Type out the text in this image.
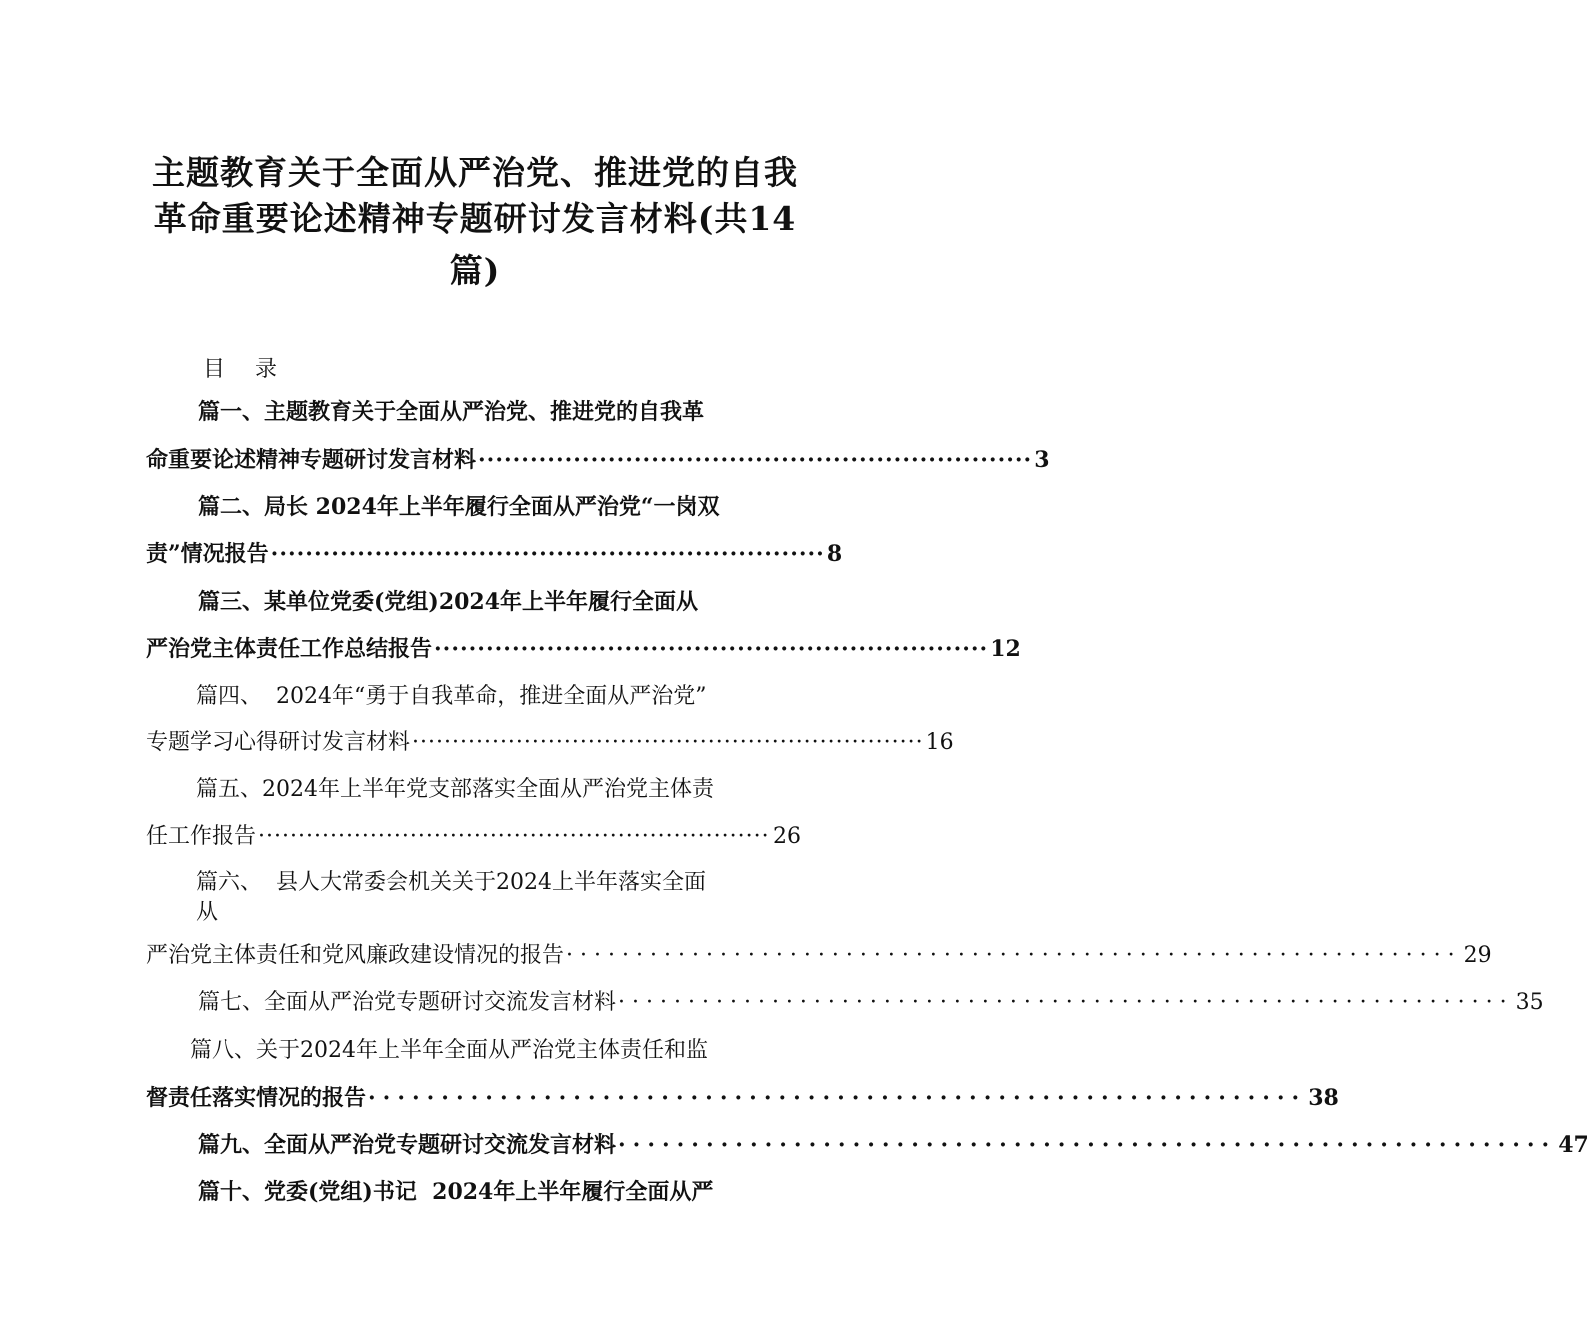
主题教育关于全面从严治党、推进党的自我
革命重要论述精神专题研讨发言材料(共14
篇)
目录
篇一、主题教育关于全面从严治党、推进党的自我革
命重要论述精神专题研讨发言材料 ································································ 3
篇二、局长 2024年上半年履行全面从严治党“一岗双
责”情况报告 ································································ 8
篇三、某单位党委(党组)2024年上半年履行全面从
严治党主体责任工作总结报告 ································································ 12
篇四、  2024年“勇于自我革命，推进全面从严治党”
专题学习心得研讨发言材料 ································································ 16
篇五、2024年上半年党支部落实全面从严治党主体责
任工作报告 ································································ 26
篇六、  县人大常委会机关关于2024上半年落实全面
从
严治党主体责任和党风廉政建设情况的报告 ································································ 29
篇七、全面从严治党专题研讨交流发言材料 ································································ 35
篇八、关于2024年上半年全面从严治党主体责任和监
督责任落实情况的报告 ································································ 38
篇九、全面从严治党专题研讨交流发言材料 ································································ 47
篇十、党委(党组)书记  2024年上半年履行全面从严
